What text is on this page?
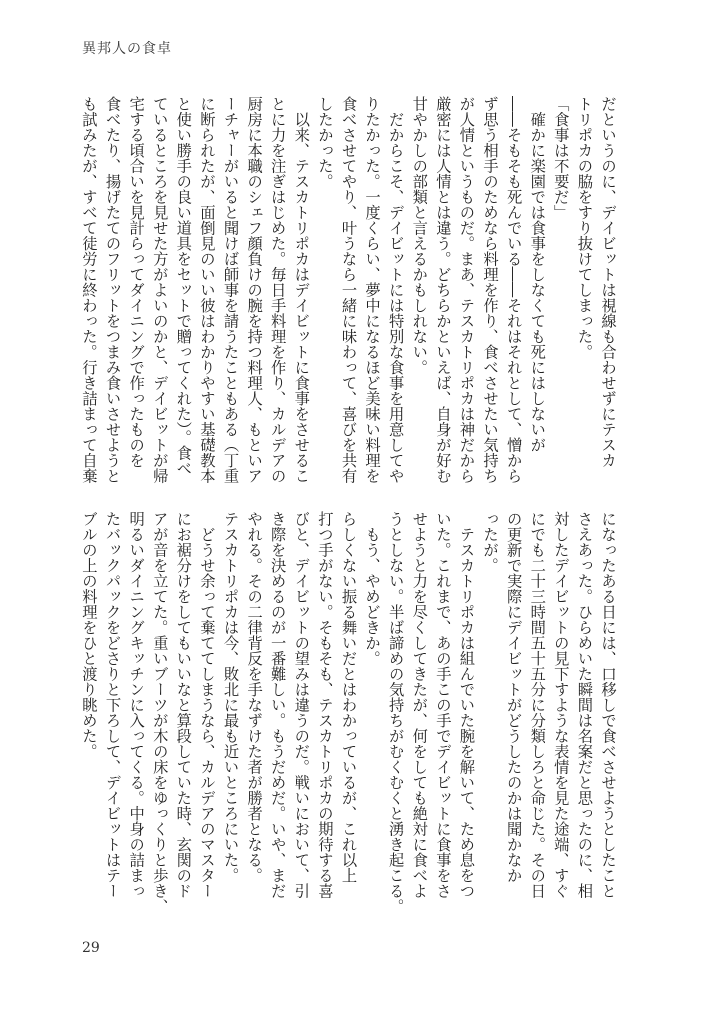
異邦人の食卓
だというのに、デイビットは視線も合わせずにテスカ
トリポカの脇をすり抜けてしまった。
「食事は不要だ」
　確かに楽園では食事をしなくても死にはしないが
――そもそも死んでいる――それはそれとして、憎から
ず思う相手のためなら料理を作り、食べさせたい気持ち
が人情というものだ。まあ、テスカトリポカは神だから
厳密には人情とは違う。どちらかといえば、自身が好む
甘やかしの部類と言えるかもしれない。
　だからこそ、デイビットには特別な食事を用意してや
りたかった。一度くらい、夢中になるほど美味い料理を
食べさせてやり、叶うなら一緒に味わって、喜びを共有
したかった。
　以来、テスカトリポカはデイビットに食事をさせるこ
とに力を注ぎはじめた。毎日手料理を作り、カルデアの
厨房に本職のシェフ顔負けの腕を持つ料理人、もといア
ーチャーがいると聞けば師事を請うたこともある（丁重
に断られたが、面倒見のいい彼はわかりやすい基礎教本
と使い勝手の良い道具をセットで贈ってくれた）。食べ
ているところを見せた方がよいのかと、デイビットが帰
宅する頃合いを見計らってダイニングで作ったものを
食べたり、揚げたてのフリットをつまみ食いさせようと
も試みたが、すべて徒労に終わった。行き詰まって自棄
になったある日には、口移しで食べさせようとしたこと
さえあった。ひらめいた瞬間は名案だと思ったのに、相
対したデイビットの見下すような表情を見た途端、すぐ
にでも二十三時間五十五分に分類しろと命じた。その日
の更新で実際にデイビットがどうしたのかは聞かなか
ったが。
　テスカトリポカは組んでいた腕を解いて、ため息をつ
いた。これまで、あの手この手でデイビットに食事をさ
せようと力を尽くしてきたが、何をしても絶対に食べよ
うとしない。半ば諦めの気持ちがむくむくと湧き起こる。
　もう、やめどきか。
らしくない振る舞いだとはわかっているが、これ以上
打つ手がない。そもそも、テスカトリポカの期待する喜
びと、デイビットの望みは違うのだ。戦いにおいて、引
き際を決めるのが一番難しい。もうだめだ。いや、まだ
やれる。その二律背反を手なずけた者が勝者となる。
テスカトリポカは今、敗北に最も近いところにいた。
　どうせ余って棄ててしまうなら、カルデアのマスター
にお裾分けをしてもいいなと算段していた時、玄関のド
アが音を立てた。重いブーツが木の床をゆっくりと歩き、
明るいダイニングキッチンに入ってくる。中身の詰まっ
たバックパックをどさりと下ろして、デイビットはテー
ブルの上の料理をひと渡り眺めた。
29
